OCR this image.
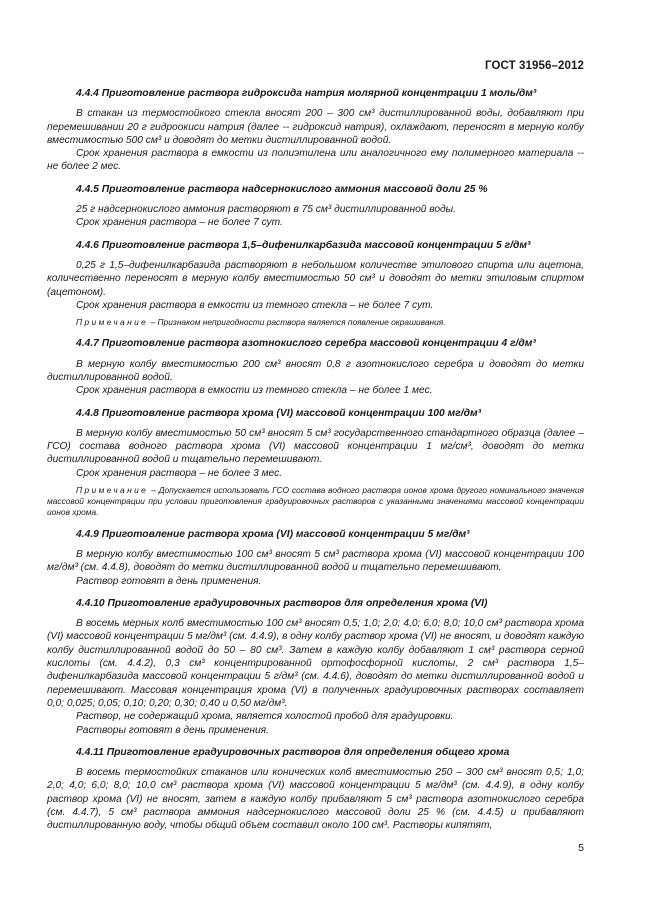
ГОСТ 31956–2012
4.4.4 Приготовление раствора гидроксида натрия молярной концентрации 1 моль/дм³

В стакан из термостойкого стекла вносят 200 – 300 см³ дистиллированной воды, добавляют при перемешивании 20 г гидроокиси натрия (далее -- гидроксид натрия), охлаждают, переносят в мерную колбу вместимостью 500 см³ и доводят до метки дистиллированной водой.

Срок хранения раствора в емкости из полиэтилена или аналогичного ему полимерного материала -- не более 2 мес.

4.4.5 Приготовление раствора надсернокислого аммония массовой доли 25 %

25 г надсернокислого аммония растворяют в 75 см³ дистиллированной воды.

Срок хранения раствора – не более 7 сут.

4.4.6 Приготовление раствора 1,5–дифенилкарбазида массовой концентрации 5 г/дм³

0,25 г 1,5–дифенилкарбазида растворяют в небольшом количестве этилового спирта или ацетона, количественно переносят в мерную колбу вместимостью 50 см³ и доводят до метки этиловым спиртом (ацетоном).

Срок хранения раствора в емкости из темного стекла – не более 7 сут.

Примечание – Признаком непригодности раствора является появление окрашивания.

4.4.7 Приготовление раствора азотнокислого серебра массовой концентрации 4 г/дм³

В мерную колбу вместимостью 200 см³ вносят 0,8 г азотнокислого серебра и доводят до метки дистиллированной водой.

Срок хранения раствора в емкости из темного стекла – не более 1 мес.

4.4.8 Приготовление раствора хрома (VI) массовой концентрации 100 мг/дм³

В мерную колбу вместимостью 50 см³ вносят 5 см³ государственного стандартного образца (далее – ГСО) состава водного раствора хрома (VI) массовой концентрации 1 мг/см³, доводят до метки дистиллированной водой и тщательно перемешивают.

Срок хранения раствора – не более 3 мес.

Примечание – Допускается использовать ГСО состава водного раствора ионов хрома другого номинального значения массовой концентрации при условии приготовления градуировочных растворов с указанными значениями массовой концентрации ионов хрома.

4.4.9 Приготовление раствора хрома (VI) массовой концентрации 5 мг/дм³

В мерную колбу вместимостью 100 см³ вносят 5 см³ раствора хрома (VI) массовой концентрации 100 мг/дм³ (см. 4.4.8), доводят до метки дистиллированной водой и тщательно перемешивают.

Раствор готовят в день применения.

4.4.10 Приготовление градуировочных растворов для определения хрома (VI)

В восемь мерных колб вместимостью 100 см³ вносят 0,5; 1,0; 2,0; 4,0; 6,0; 8,0; 10,0 см³ раствора хрома (VI) массовой концентрации 5 мг/дм³ (см. 4.4.9), в одну колбу раствор хрома (VI) не вносят, и доводят каждую колбу дистиллированной водой до 50 – 80 см³. Затем в каждую колбу добавляют 1 см³ раствора серной кислоты (см. 4.4.2), 0,3 см³ концентрированной ортофосфорной кислоты, 2 см³ раствора 1,5– дифенилкарбазида массовой концентрации 5 г/дм³ (см. 4.4.6), доводят до метки дистиллированной водой и перемешивают. Массовая концентрация хрома (VI) в полученных градуировочных растворах составляет 0,0; 0,025; 0,05; 0,10; 0,20; 0,30; 0,40 и 0,50 мг/дм³.

Раствор, не содержащий хрома, является холостой пробой для градуировки.

Растворы готовят в день применения.

4.4.11 Приготовление градуировочных растворов для определения общего хрома

В восемь термостойких стаканов или конических колб вместимостью 250 – 300 см³ вносят 0,5; 1,0; 2,0; 4,0; 6,0; 8,0; 10,0 см³ раствора хрома (VI) массовой концентрации 5 мг/дм³ (см. 4.4.9), в одну колбу раствор хрома (VI) не вносят, затем в каждую колбу прибавляют 5 см³ раствора азотнокислого серебра (см. 4.4.7), 5 см³ раствора аммония надсернокислого массовой доли 25 % (см. 4.4.5) и прибавляют дистиллированную воду, чтобы общий объем составил около 100 см³. Растворы кипятят,

5
